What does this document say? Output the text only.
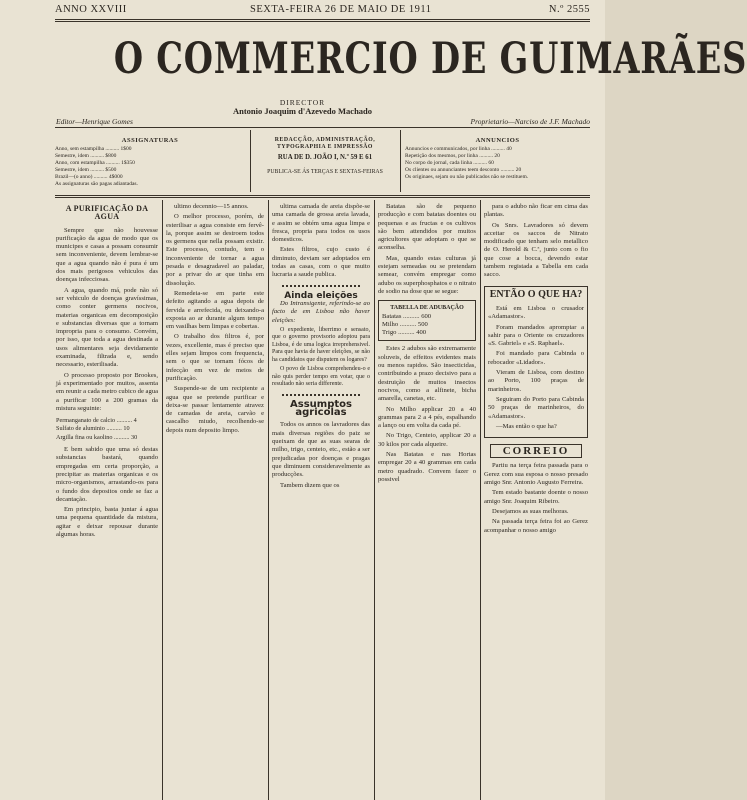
ANNO XXVIII	SEXTA-FEIRA 26 DE MAIO DE 1911	N.º 2555
O COMMERCIO DE GUIMARÃES
DIRECTOR
Antonio Joaquim d'Azevedo Machado
Editor—Henrique Gomes	Proprietario—Narciso de J.F. Machado
ASSIGNATURAS
Anno, sem estampilha .......... 1$00
Semestre, idem .......... $800
Anno, com estampilha .......... 1$350
Semestre, idem .......... $500
Brazil—(o anno) .......... 4$000
As assignaturas são pagas adiantadas.
REDACÇÃO, ADMINISTRAÇÃO, TYPOGRAPHIA E IMPRESSÃO
RUA DE D. JOÃO I, N.º 59 E 61
PUBLICA-SE ÁS TERÇAS E SEXTAS-FEIRAS
ANNUNCIOS
Annuncios e communicados, por linha .......... 40
Repetição dos mesmos, por linha .......... 20
No corpo do jornal, cada linha .......... 60
Os clientes ou annunciantes teem desconto .......... 20
Os originaes, sejam ou não publicados não se restituem.
A PURIFICAÇÃO DA AGUA

Sempre que não houvesse purificação da agua de modo que os municipes e casas a possam consumir sem inconveniente, devem lembrar-se que a agua quando não é pura é um dos mais perigosos vehiculos das doenças infecciosas.

A agua, quando má, pode não só ser vehiculo de doenças gravíssimas, como conter germens nocivos, materias organicas em decomposição e substancias diversas que a tornam impropria para o consumo. Convém, por isso, que toda a agua destinada a usos alimentares seja devidamente examinada, filtrada e, sendo necessario, esterilisada.

O processo proposto por Brookes, já experimentado por muitos, assenta em reunir a cada metro cubico de agua a purificar 100 a 200 gramas da mistura seguinte:

Permanganato de calcio .......... 4
Sulfato de aluminio .......... 10
Argilla fina ou kaolino .......... 30

E bem sabido que uma só destas substancias bastará, quando empregadas em certa proporção, a precipitar as materias organicas e os micro-organismos, arrastando-os para o fundo dos depositos onde se faz a decantação.

Em principio, basta juntar á agua uma pequena quantidade da mistura, agitar e deixar repousar durante algumas horas.

ultimo decennio—15 annos.

O melhor processo, porém, de esterilisar a agua consiste em fervê-la, porque assim se destroem todos os germens que nella possam existir. Este processo, contudo, tem o inconveniente de tornar a agua pesada e desagradavel ao paladar, por a privar do ar que tinha em dissolução.

Remedeia-se em parte este defeito agitando a agua depois de fervida e arrefecida, ou deixando-a exposta ao ar durante algum tempo em vasilhas bem limpas e cobertas.

O trabalho dos filtros é, por vezes, excellente, mas é preciso que elles sejam limpos com frequencia, sem o que se tornam fócos de infecção em vez de meios de purificação.

Suspende-se de um recipiente a agua que se pretende purificar e deixa-se passar lentamente atravez de camadas de areia, carvão e cascalho miudo, recolhendo-se depois num deposito limpo.

ultima camada de areia dispõe-se uma camada de grossa areia lavada, e assim se obtém uma agua limpa e fresca, propria para todos os usos domesticos.

Estes filtros, cujo custo é diminuto, deviam ser adoptados em todas as casas, com o que muito lucraria a saude publica.

Ainda eleições

Do Intransigente, referindo-se ao facto de em Lisboa não haver eleições:

O expediente, liberrimo e sensato, que o governo provisorio adoptou para Lisboa, é de uma logica irreprehensivel. Para que havia de haver eleições, se não ha candidatos que disputem os logares?

O povo de Lisboa comprehendeu-o e não quis perder tempo em votar, que o resultado não seria differente.

Assumptos agricolas

Todos os annos os lavradores das mais diversas regiões do paiz se queixam de que as suas searas de milho, trigo, centeio, etc., estão a ser prejudicadas por doenças e pragas que diminuem consideravelmente as producções.

Tambem dizem que os

Batatas são de pequeno producção e com batatas doentes ou pequenas e as fructas e os cultivos são bem attendidos por muitos agricultores que adoptam o que se aconselha.

Mas, quando estas culturas já estejam semeadas ou se pretendam semear, convém empregar como adubo os superphosphatos e o nitrato de sodio na dose que se segue:

TABELLA DE ADUBAÇÃO
Batatas .......... 600
Milho .......... 500
Trigo .......... 400

Estes 2 adubos são extremamente soluveis, de effeitos evidentes mais ou menos rapidos. São insecticidas, contribuindo a prazo decisivo para a destruição de muitos insectos nocivos, como a alfinete, bicha amarella, canetas, etc.

No Milho applicar 20 a 40 grammas para 2 a 4 pés, espalhando a lanço ou em volta da cada pé.

No Trigo, Centeio, applicar 20 a 30 kilos por cada alqueire.

Nas Batatas e nas Hortas empregar 20 a 40 grammas em cada metro quadrado. Convem fazer o possivel

para o adubo não ficar em cima das plantas.

Os Snrs. Lavradores só devem acceitar os saccos de Nitrato modificado que tenham selo metallico de O. Herold & C.ª, junto com o fio que cose a bocca, devendo estar tambem registada a Tabella em cada sacco.

ENTÃO O QUE HA?

Está em Lisboa o crusador «Adamastor».

Foram mandados apromptar a sahir para o Oriente os cruzadores «S. Gabriel» e «S. Raphael».

Foi mandado para Cabinda o rebocador «Lidador».

Vieram de Lisboa, com destino ao Porto, 100 praças de marinheiros.

Seguiram do Porto para Cabinda 50 praças de marinheiros, do «Adamastor».

—Mas então o que ha?

CORREIO

Partiu na terça feira passada para o Gerez com sua esposa o nosso presado amigo Snr. Antonio Augusto Ferreira.

Tem estado bastante doente o nosso amigo Snr. Joaquim Ribeiro.

Desejamos as suas melhoras.

Na passada terça feira foi ao Gerez acompanhar o nosso amigo
